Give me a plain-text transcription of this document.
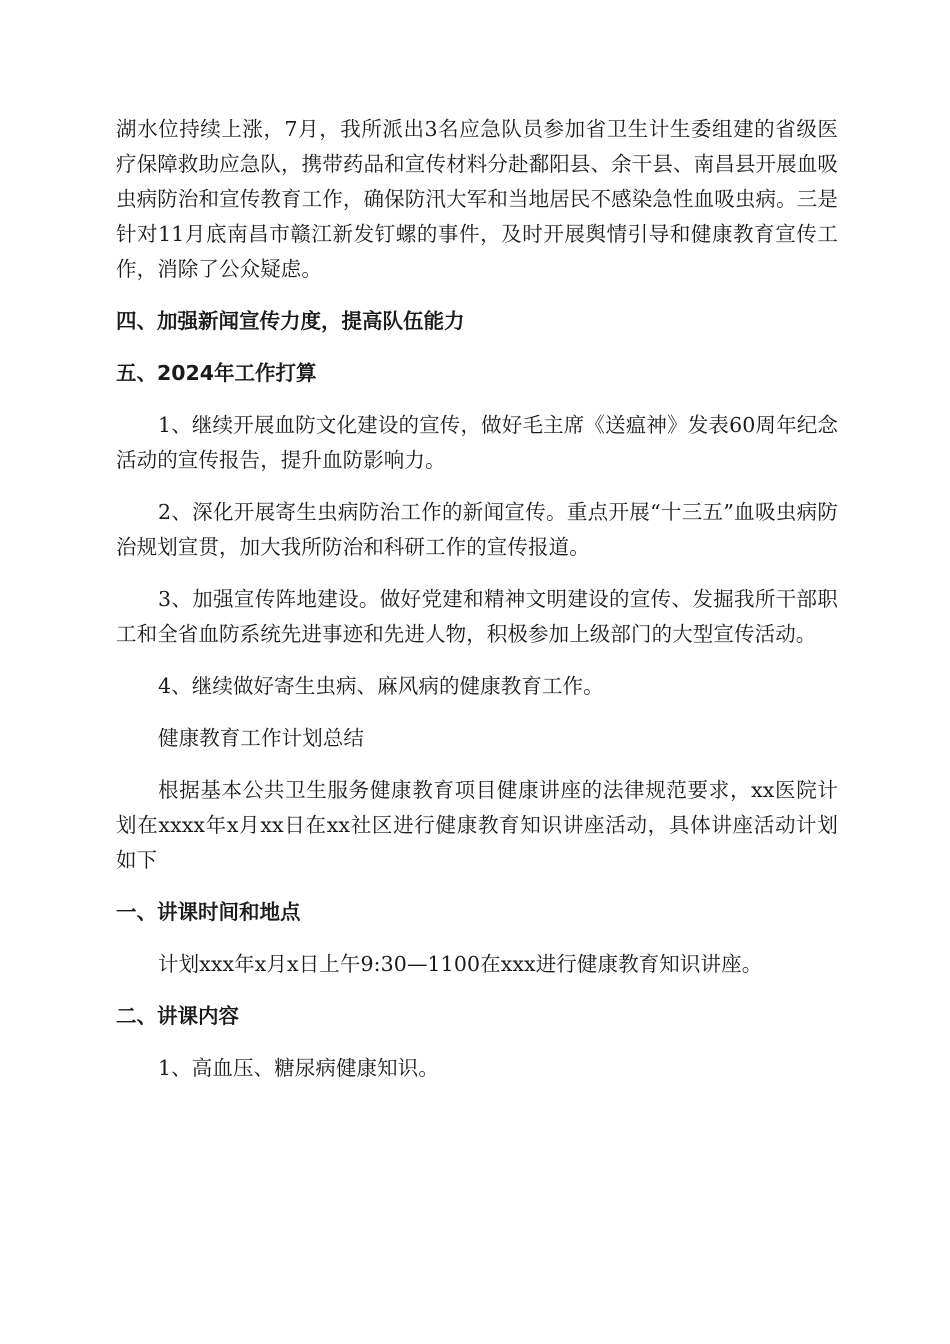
湖水位持续上涨，7月，我所派出3名应急队员参加省卫生计生委组建的省级医疗保障救助应急队，携带药品和宣传材料分赴鄱阳县、余干县、南昌县开展血吸虫病防治和宣传教育工作，确保防汛大军和当地居民不感染急性血吸虫病。三是针对11月底南昌市赣江新发钉螺的事件，及时开展舆情引导和健康教育宣传工作，消除了公众疑虑。

四、加强新闻宣传力度，提高队伍能力

五、2024年工作打算

1、继续开展血防文化建设的宣传，做好毛主席《送瘟神》发表60周年纪念活动的宣传报告，提升血防影响力。

2、深化开展寄生虫病防治工作的新闻宣传。重点开展“十三五”血吸虫病防治规划宣贯，加大我所防治和科研工作的宣传报道。

3、加强宣传阵地建设。做好党建和精神文明建设的宣传、发掘我所干部职工和全省血防系统先进事迹和先进人物，积极参加上级部门的大型宣传活动。

4、继续做好寄生虫病、麻风病的健康教育工作。

健康教育工作计划总结

根据基本公共卫生服务健康教育项目健康讲座的法律规范要求，xx医院计划在xxxx年x月xx日在xx社区进行健康教育知识讲座活动，具体讲座活动计划如下

一、讲课时间和地点

计划xxx年x月x日上午9:30—1100在xxx进行健康教育知识讲座。

二、讲课内容

1、高血压、糖尿病健康知识。
